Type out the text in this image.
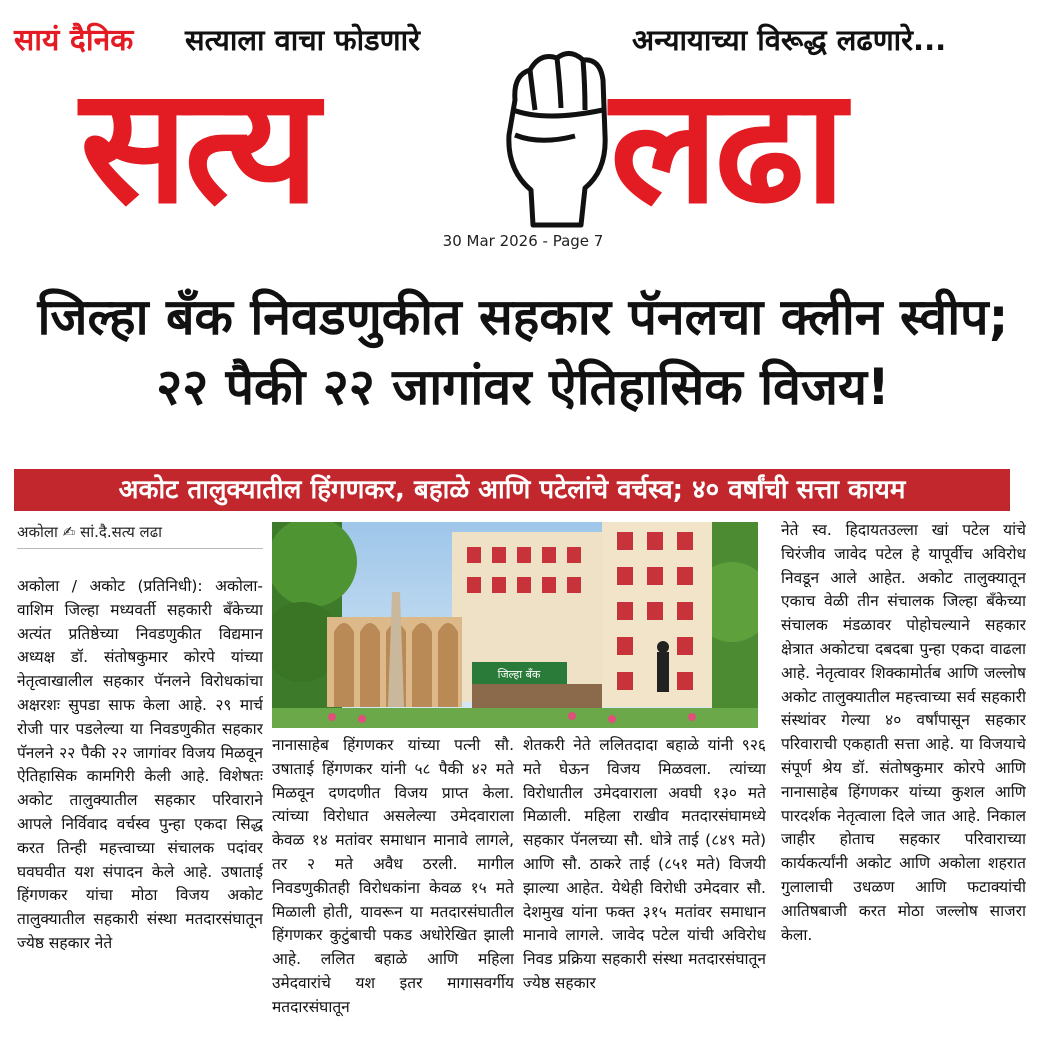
सायं दैनिक सत्याला वाचा फोडणारे	अन्यायाच्या विरूद्ध लढणारे...
सत्य लढा
30 Mar 2026 - Page 7
जिल्हा बँक निवडणुकीत सहकार पॅनलचा क्लीन स्वीप; २२ पैकी २२ जागांवर ऐतिहासिक विजय!
अकोट तालुक्यातील हिंगणकर, बहाळे आणि पटेलांचे वर्चस्व; ४० वर्षांची सत्ता कायम
अकोला ✍ सां.दै.सत्य लढा
अकोला / अकोट (प्रतिनिधी): अकोला-वाशिम जिल्हा मध्यवर्ती सहकारी बँकेच्या अत्यंत प्रतिष्ठेच्या निवडणुकीत विद्यमान अध्यक्ष डॉ. संतोषकुमार कोरपे यांच्या नेतृत्वाखालील सहकार पॅनलने विरोधकांचा अक्षरशः सुपडा साफ केला आहे. २९ मार्च रोजी पार पडलेल्या या निवडणुकीत सहकार पॅनलने २२ पैकी २२ जागांवर विजय मिळवून ऐतिहासिक कामगिरी केली आहे. विशेषतः अकोट तालुक्यातील सहकार परिवाराने आपले निर्विवाद वर्चस्व पुन्हा एकदा सिद्ध करत तिन्ही महत्त्वाच्या संचालक पदांवर घवघवीत यश संपादन केले आहे. उषाताई हिंगणकर यांचा मोठा विजय अकोट तालुक्यातील सहकारी संस्था मतदारसंघातून ज्येष्ठ सहकार नेते
जिल्हा बँक
नानासाहेब हिंगणकर यांच्या पत्नी सौ. उषाताई हिंगणकर यांनी ५८ पैकी ४२ मते मिळवून दणदणीत विजय प्राप्त केला. त्यांच्या विरोधात असलेल्या उमेदवाराला केवळ १४ मतांवर समाधान मानावे लागले, तर २ मते अवैध ठरली. मागील निवडणुकीतही विरोधकांना केवळ १५ मते मिळाली होती, यावरून या मतदारसंघातील हिंगणकर कुटुंबाची पकड अधोरेखित झाली आहे. ललित बहाळे आणि महिला उमेदवारांचे यश इतर मागासवर्गीय मतदारसंघातून
शेतकरी नेते ललितदादा बहाळे यांनी ९२६ मते घेऊन विजय मिळवला. त्यांच्या विरोधातील उमेदवाराला अवघी १३० मते मिळाली. महिला राखीव मतदारसंघामध्ये सहकार पॅनलच्या सौ. धोत्रे ताई (८४९ मते) आणि सौ. ठाकरे ताई (८५१ मते) विजयी झाल्या आहेत. येथेही विरोधी उमेदवार सौ. देशमुख यांना फक्त ३१५ मतांवर समाधान मानावे लागले. जावेद पटेल यांची अविरोध निवड प्रक्रिया सहकारी संस्था मतदारसंघातून ज्येष्ठ सहकार
नेते स्व. हिदायतउल्ला खां पटेल यांचे चिरंजीव जावेद पटेल हे यापूर्वीच अविरोध निवडून आले आहेत. अकोट तालुक्यातून एकाच वेळी तीन संचालक जिल्हा बँकेच्या संचालक मंडळावर पोहोचल्याने सहकार क्षेत्रात अकोटचा दबदबा पुन्हा एकदा वाढला आहे. नेतृत्वावर शिक्कामोर्तब आणि जल्लोष अकोट तालुक्यातील महत्त्वाच्या सर्व सहकारी संस्थांवर गेल्या ४० वर्षांपासून सहकार परिवाराची एकहाती सत्ता आहे. या विजयाचे संपूर्ण श्रेय डॉ. संतोषकुमार कोरपे आणि नानासाहेब हिंगणकर यांच्या कुशल आणि पारदर्शक नेतृत्वाला दिले जात आहे. निकाल जाहीर होताच सहकार परिवाराच्या कार्यकर्त्यांनी अकोट आणि अकोला शहरात गुलालाची उधळण आणि फटाक्यांची आतिषबाजी करत मोठा जल्लोष साजरा केला.
